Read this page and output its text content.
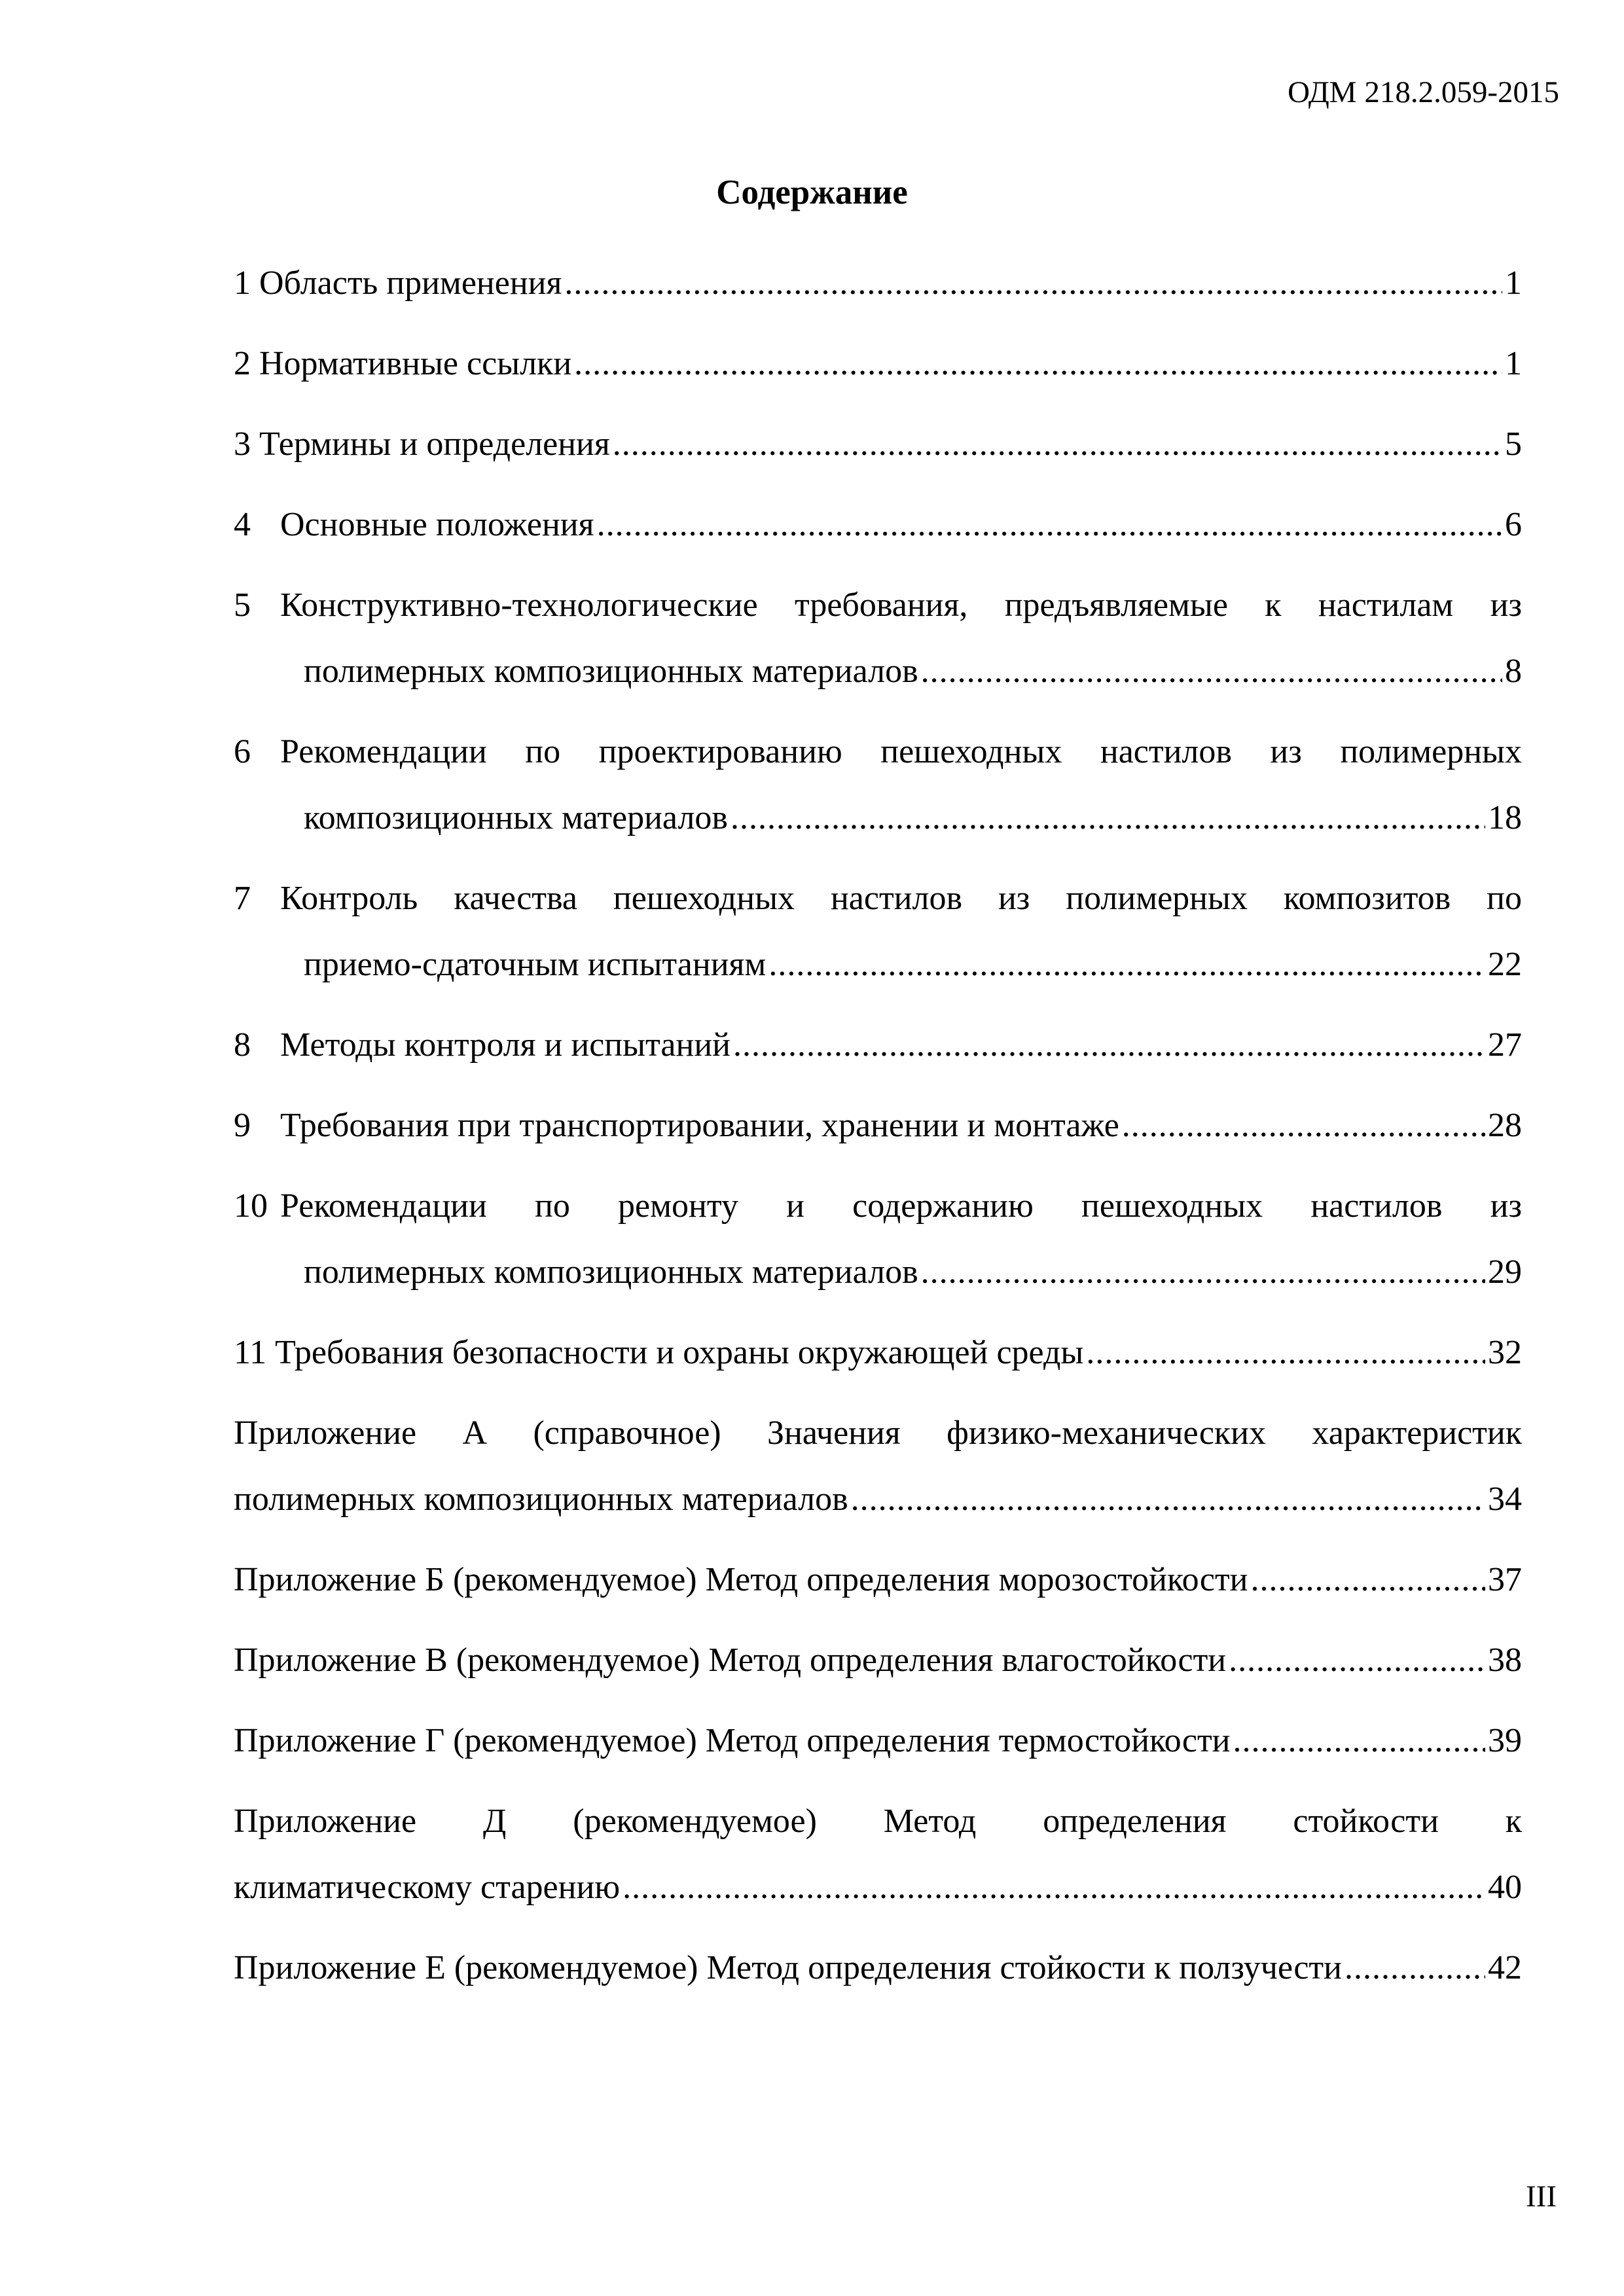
ОДМ 218.2.059-2015
Содержание
1 Область применения .....	1
2 Нормативные ссылки .....	1
3 Термины и определения .....	5
4 Основные положения .....	6
5 Конструктивно-технологические требования, предъявляемые к настилам из
полимерных композиционных материалов .....	8
6 Рекомендации по проектированию пешеходных настилов из полимерных
композиционных материалов .....	18
7 Контроль качества пешеходных настилов из полимерных композитов по
приемо-сдаточным испытаниям .....	22
8 Методы контроля и испытаний .....	27
9 Требования при транспортировании, хранении и монтаже .....	28
10 Рекомендации по ремонту и содержанию пешеходных настилов из
полимерных композиционных материалов .....	29
11 Требования безопасности и охраны окружающей среды .....	32
Приложение А (справочное) Значения физико-механических характеристик
полимерных композиционных материалов .....	34
Приложение Б (рекомендуемое) Метод определения морозостойкости .....	37
Приложение В (рекомендуемое) Метод определения влагостойкости .....	38
Приложение Г (рекомендуемое) Метод определения термостойкости .....	39
Приложение Д (рекомендуемое) Метод определения стойкости к
климатическому старению .....	40
Приложение Е (рекомендуемое) Метод определения стойкости к ползучести .....	42
III
